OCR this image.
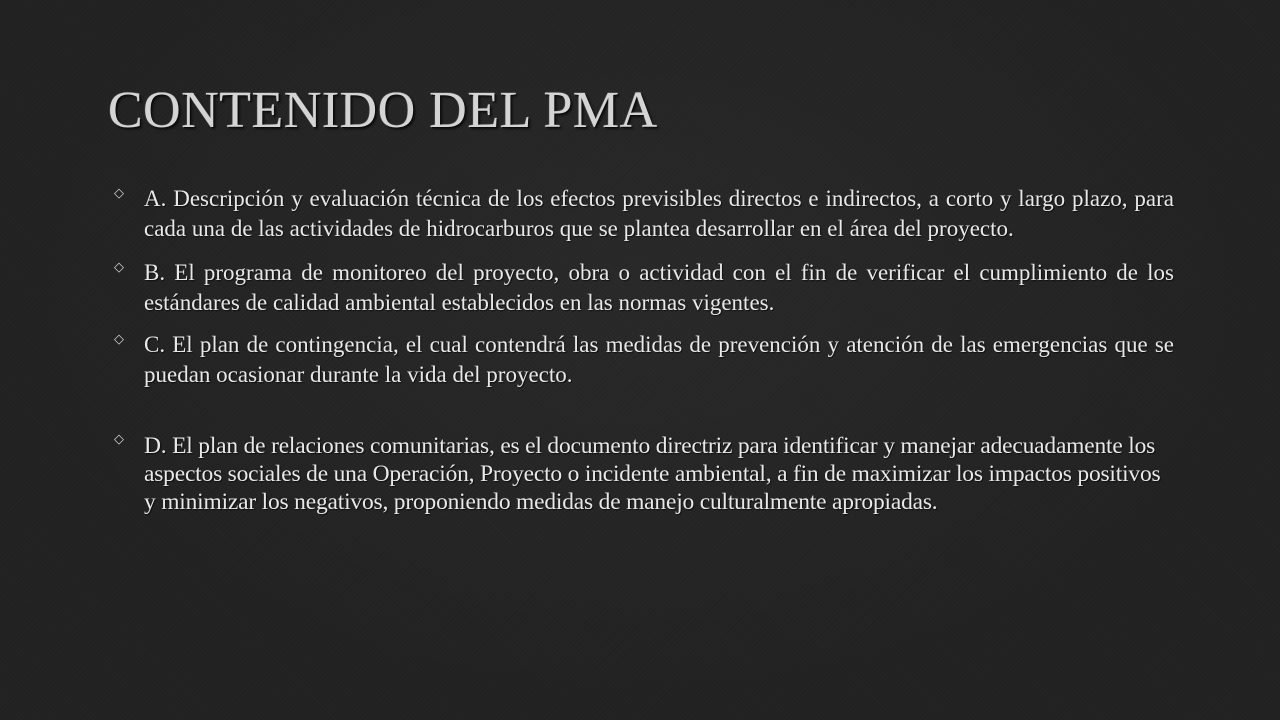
CONTENIDO DEL PMA
◇ A. Descripción y evaluación técnica de los efectos previsibles directos e indirectos, a corto y largo plazo, para cada una de las actividades de hidrocarburos que se plantea desarrollar en el área del proyecto.
◇ B. El programa de monitoreo del proyecto, obra o actividad con el fin de verificar el cumplimiento de los estándares de calidad ambiental establecidos en las normas vigentes.
◇ C. El plan de contingencia, el cual contendrá las medidas de prevención y atención de las emergencias que se puedan ocasionar durante la vida del proyecto.
◇ D. El plan de relaciones comunitarias, es el documento directriz para identificar y manejar adecuadamente los aspectos sociales de una Operación, Proyecto o incidente ambiental, a fin de maximizar los impactos positivos y minimizar los negativos, proponiendo medidas de manejo culturalmente apropiadas.
